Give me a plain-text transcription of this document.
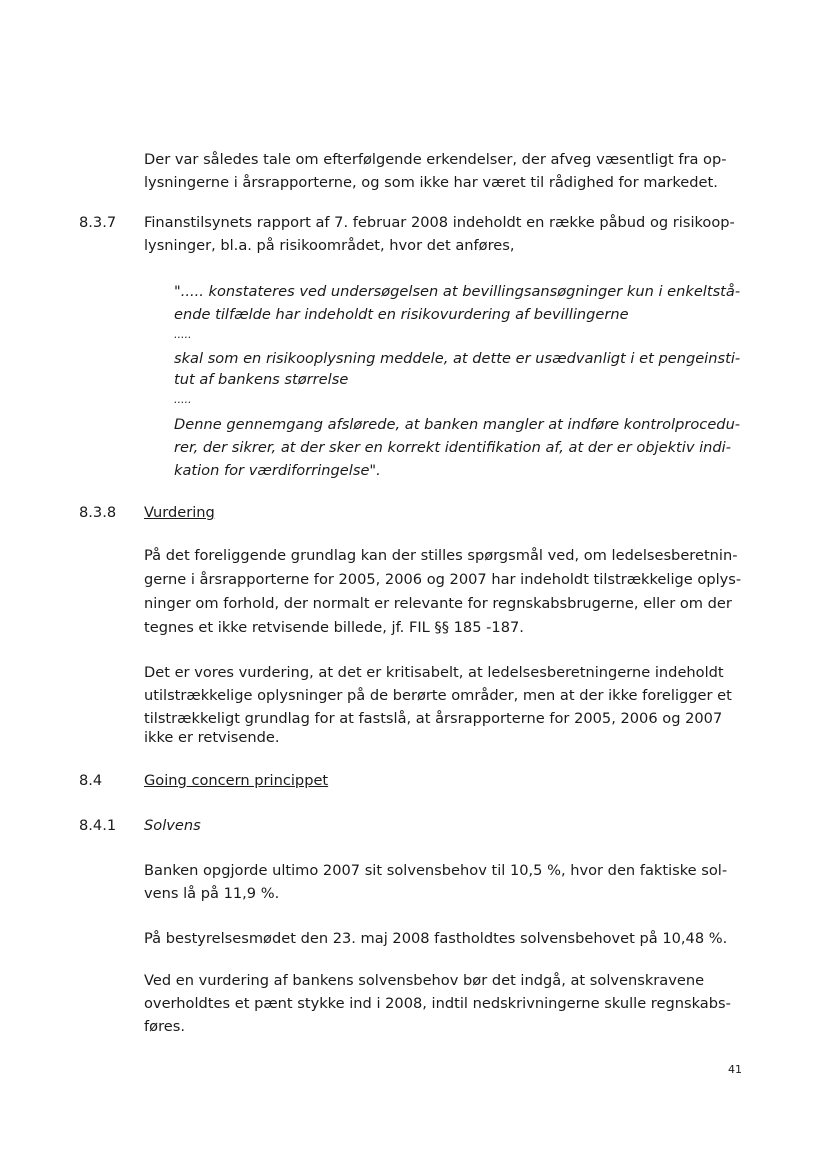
Der var således tale om efterfølgende erkendelser, der afveg væsentligt fra op-

lysningerne i årsrapporterne, og som ikke har været til rådighed for markedet.

8.3.7 Finanstilsynets rapport af 7. februar 2008 indeholdt en række påbud og risikoop-

lysninger, bl.a. på risikoområdet, hvor det anføres,

"..... konstateres ved undersøgelsen at bevillingsansøgninger kun i enkeltstå-

ende tilfælde har indeholdt en risikovurdering af bevillingerne

.....

skal som en risikooplysning meddele, at dette er usædvanligt i et pengeinsti-

tut af bankens størrelse

.....

Denne gennemgang afslørede, at banken mangler at indføre kontrolprocedu-

rer, der sikrer, at der sker en korrekt identifikation af, at der er objektiv indi-

kation for værdiforringelse".

8.3.8 Vurdering

På det foreliggende grundlag kan der stilles spørgsmål ved, om ledelsesberetnin-

gerne i årsrapporterne for 2005, 2006 og 2007 har indeholdt tilstrækkelige oplys-

ninger om forhold, der normalt er relevante for regnskabsbrugerne, eller om der

tegnes et ikke retvisende billede, jf. FIL §§ 185 -187.

Det er vores vurdering, at det er kritisabelt, at ledelsesberetningerne indeholdt

utilstrækkelige oplysninger på de berørte områder, men at der ikke foreligger et

tilstrækkeligt grundlag for at fastslå, at årsrapporterne for 2005, 2006 og 2007

ikke er retvisende.

8.4	Going concern princippet

8.4.1 Solvens

Banken opgjorde ultimo 2007 sit solvensbehov til 10,5 %, hvor den faktiske sol-

vens lå på 11,9 %.

På bestyrelsesmødet den 23. maj 2008 fastholdtes solvensbehovet på 10,48 %.

Ved en vurdering af bankens solvensbehov bør det indgå, at solvenskravene

overholdtes et pænt stykke ind i 2008, indtil nedskrivningerne skulle regnskabs-

føres.

41
